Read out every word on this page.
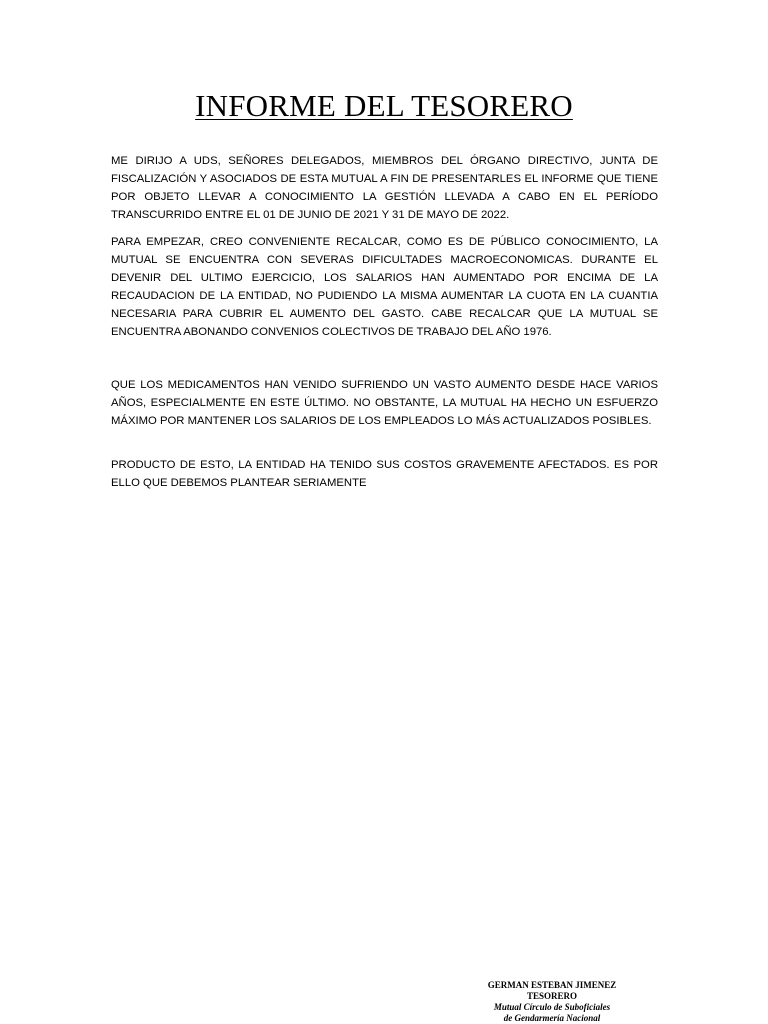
INFORME DEL TESORERO

ME DIRIJO A UDS, SEÑORES DELEGADOS, MIEMBROS DEL ÓRGANO DIRECTIVO, JUNTA DE FISCALIZACIÓN Y ASOCIADOS DE ESTA MUTUAL A FIN DE PRESENTARLES EL INFORME QUE TIENE POR OBJETO LLEVAR A CONOCIMIENTO LA GESTIÓN LLEVADA A CABO EN EL PERÍODO TRANSCURRIDO ENTRE EL 01 DE JUNIO DE 2021 Y 31 DE MAYO DE 2022.

PARA EMPEZAR, CREO CONVENIENTE RECALCAR, COMO ES DE PÚBLICO CONOCIMIENTO, LA MUTUAL SE ENCUENTRA CON SEVERAS DIFICULTADES MACROECONOMICAS. DURANTE EL DEVENIR DEL ULTIMO EJERCICIO, LOS SALARIOS HAN AUMENTADO POR ENCIMA DE LA RECAUDACION DE LA ENTIDAD, NO PUDIENDO LA MISMA AUMENTAR LA CUOTA EN LA CUANTIA NECESARIA PARA CUBRIR EL AUMENTO DEL GASTO. CABE RECALCAR QUE LA MUTUAL SE ENCUENTRA ABONANDO CONVENIOS COLECTIVOS DE TRABAJO DEL AÑO 1976.

QUE LOS MEDICAMENTOS HAN VENIDO SUFRIENDO UN VASTO AUMENTO DESDE HACE VARIOS AÑOS, ESPECIALMENTE EN ESTE ÚLTIMO. NO OBSTANTE, LA MUTUAL HA HECHO UN ESFUERZO MÁXIMO POR MANTENER LOS SALARIOS DE LOS EMPLEADOS LO MÁS ACTUALIZADOS POSIBLES.

PRODUCTO DE ESTO, LA ENTIDAD HA TENIDO SUS COSTOS GRAVEMENTE AFECTADOS. ES POR ELLO QUE DEBEMOS PLANTEAR SERIAMENTE

GERMAN ESTEBAN JIMENEZ
TESORERO
Mutual Círculo de Suboficiales
de Gendarmería Nacional
